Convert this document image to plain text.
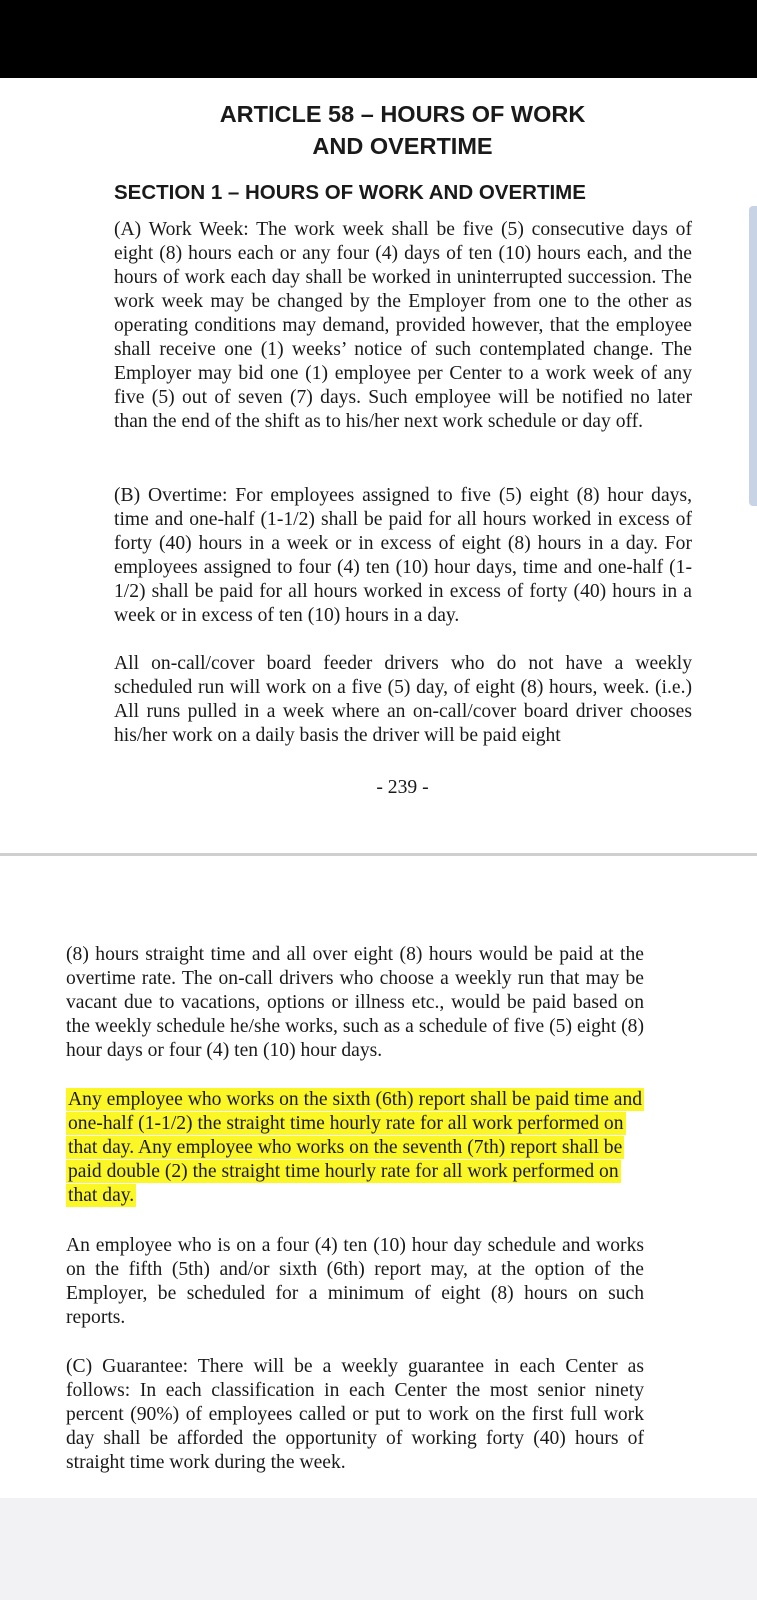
ARTICLE 58 – HOURS OF WORK
AND OVERTIME
SECTION 1 – HOURS OF WORK AND OVERTIME

(A) Work Week: The work week shall be five (5) consecutive days of eight (8) hours each or any four (4) days of ten (10) hours each, and the hours of work each day shall be worked in uninterrupted succession. The work week may be changed by the Employer from one to the other as operating conditions may demand, provided however, that the employee shall receive one (1) weeks’ notice of such contemplated change. The Employer may bid one (1) employee per Center to a work week of any five (5) out of seven (7) days. Such employee will be notified no later than the end of the shift as to his/her next work schedule or day off.

(B) Overtime: For employees assigned to five (5) eight (8) hour days, time and one-half (1-1/2) shall be paid for all hours worked in excess of forty (40) hours in a week or in excess of eight (8) hours in a day. For employees assigned to four (4) ten (10) hour days, time and one-half (1-1/2) shall be paid for all hours worked in excess of forty (40) hours in a week or in excess of ten (10) hours in a day.

All on-call/cover board feeder drivers who do not have a weekly scheduled run will work on a five (5) day, of eight (8) hours, week. (i.e.) All runs pulled in a week where an on-call/cover board driver chooses his/her work on a daily basis the driver will be paid eight

- 239 -

(8) hours straight time and all over eight (8) hours would be paid at the overtime rate. The on-call drivers who choose a weekly run that may be vacant due to vacations, options or illness etc., would be paid based on the weekly schedule he/she works, such as a schedule of five (5) eight (8) hour days or four (4) ten (10) hour days.

Any employee who works on the sixth (6th) report shall be paid time and one-half (1-1/2) the straight time hourly rate for all work performed on that day. Any employee who works on the seventh (7th) report shall be paid double (2) the straight time hourly rate for all work performed on that day.

An employee who is on a four (4) ten (10) hour day schedule and works on the fifth (5th) and/or sixth (6th) report may, at the option of the Employer, be scheduled for a minimum of eight (8) hours on such reports.

(C) Guarantee: There will be a weekly guarantee in each Center as follows: In each classification in each Center the most senior ninety percent (90%) of employees called or put to work on the first full work day shall be afforded the opportunity of working forty (40) hours of straight time work during the week.
